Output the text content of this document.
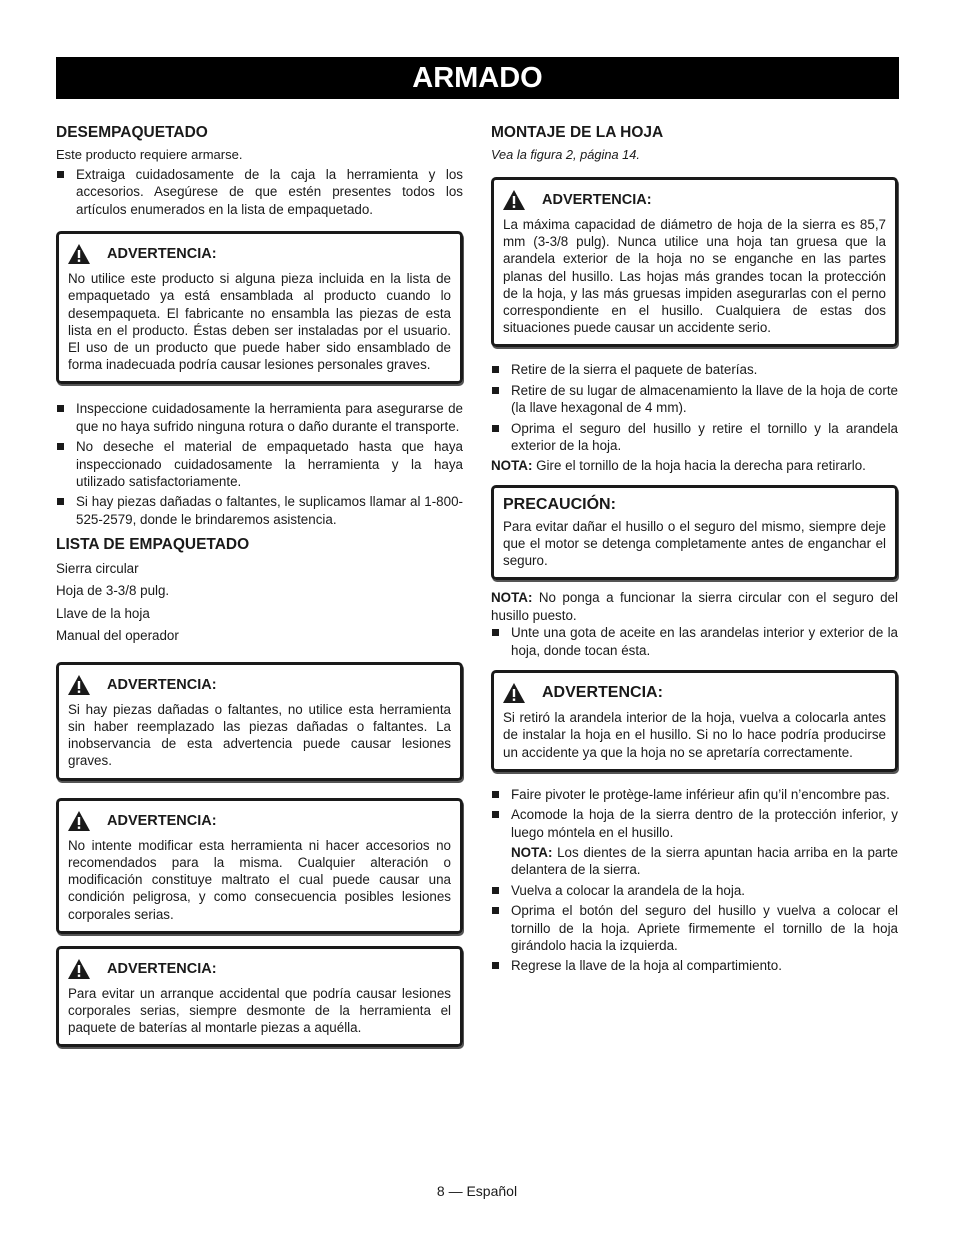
ARMADO
DESEMPAQUETADO

Este producto requiere armarse.

Extraiga cuidadosamente de la caja la herramienta y los accesorios. Asegúrese de que estén presentes todos los artículos enumerados en la lista de empaquetado.
ADVERTENCIA:

No utilice este producto si alguna pieza incluida en la lista de empaquetado ya está ensamblada al producto cuando lo desempaqueta. El fabricante no ensambla las piezas de esta lista en el producto. Éstas deben ser instaladas por el usuario. El uso de un producto que puede haber sido ensamblado de forma inadecuada podría causar lesiones personales graves.

Inspeccione cuidadosamente la herramienta para asegurarse de que no haya sufrido ninguna rotura o daño durante el transporte.
No deseche el material de empaquetado hasta que haya inspeccionado cuidadosamente la herramienta y la haya utilizado satisfactoriamente.
Si hay piezas dañadas o faltantes, le suplicamos llamar al 1-800-525-2579, donde le brindaremos asistencia.
LISTA DE EMPAQUETADO

Sierra circular

Hoja de 3-3/8 pulg.

Llave de la hoja

Manual del operador

ADVERTENCIA:

Si hay piezas dañadas o faltantes, no utilice esta herramienta sin haber reemplazado las piezas dañadas o faltantes. La inobservancia de esta advertencia puede causar lesiones graves.

ADVERTENCIA:

No intente modificar esta herramienta ni hacer accesorios no recomendados para la misma. Cualquier alteración o modificación constituye maltrato el cual puede causar una condición peligrosa, y como consecuencia posibles lesiones corporales serias.

ADVERTENCIA:

Para evitar un arranque accidental que podría causar lesiones corporales serias, siempre desmonte de la herramienta el paquete de baterías al montarle piezas a aquélla.

MONTAJE DE LA HOJA

Vea la figura 2, página 14.

ADVERTENCIA:

La máxima capacidad de diámetro de hoja de la sierra es 85,7 mm (3-3/8 pulg). Nunca utilice una hoja tan gruesa que la arandela exterior de la hoja no se enganche en las partes planas del husillo. Las hojas más grandes tocan la protección de la hoja, y las más gruesas impiden asegurarlas con el perno correspondiente en el husillo. Cualquiera de estas dos situaciones puede causar un accidente serio.

Retire de la sierra el paquete de baterías.
Retire de su lugar de almacenamiento la llave de la hoja de corte (la llave hexagonal de 4 mm).
Oprima el seguro del husillo y retire el tornillo y la arandela exterior de la hoja.

NOTA: Gire el tornillo de la hoja hacia la derecha para retirarlo.

PRECAUCIÓN:

Para evitar dañar el husillo o el seguro del mismo, siempre deje que el motor se detenga completamente antes de enganchar el seguro.

NOTA: No ponga a funcionar la sierra circular con el seguro del husillo puesto.

Unte una gota de aceite en las arandelas interior y exterior de la hoja, donde tocan ésta.
ADVERTENCIA:

Si retiró la arandela interior de la hoja, vuelva a colocarla antes de instalar la hoja en el husillo. Si no lo hace podría producirse un accidente ya que la hoja no se apretaría correctamente.

Faire pivoter le protège-lame inférieur afin qu’il n’encombre pas.
Acomode la hoja de la sierra dentro de la protección inferior, y luego móntela en el husillo.

NOTA: Los dientes de la sierra apuntan hacia arriba en la parte delantera de la sierra.

Vuelva a colocar la arandela de la hoja.
Oprima el botón del seguro del husillo y vuelva a colocar el tornillo de la hoja. Apriete firmemente el tornillo de la hoja girándolo hacia la izquierda.
Regrese la llave de la hoja al compartimiento.
8 — Español
